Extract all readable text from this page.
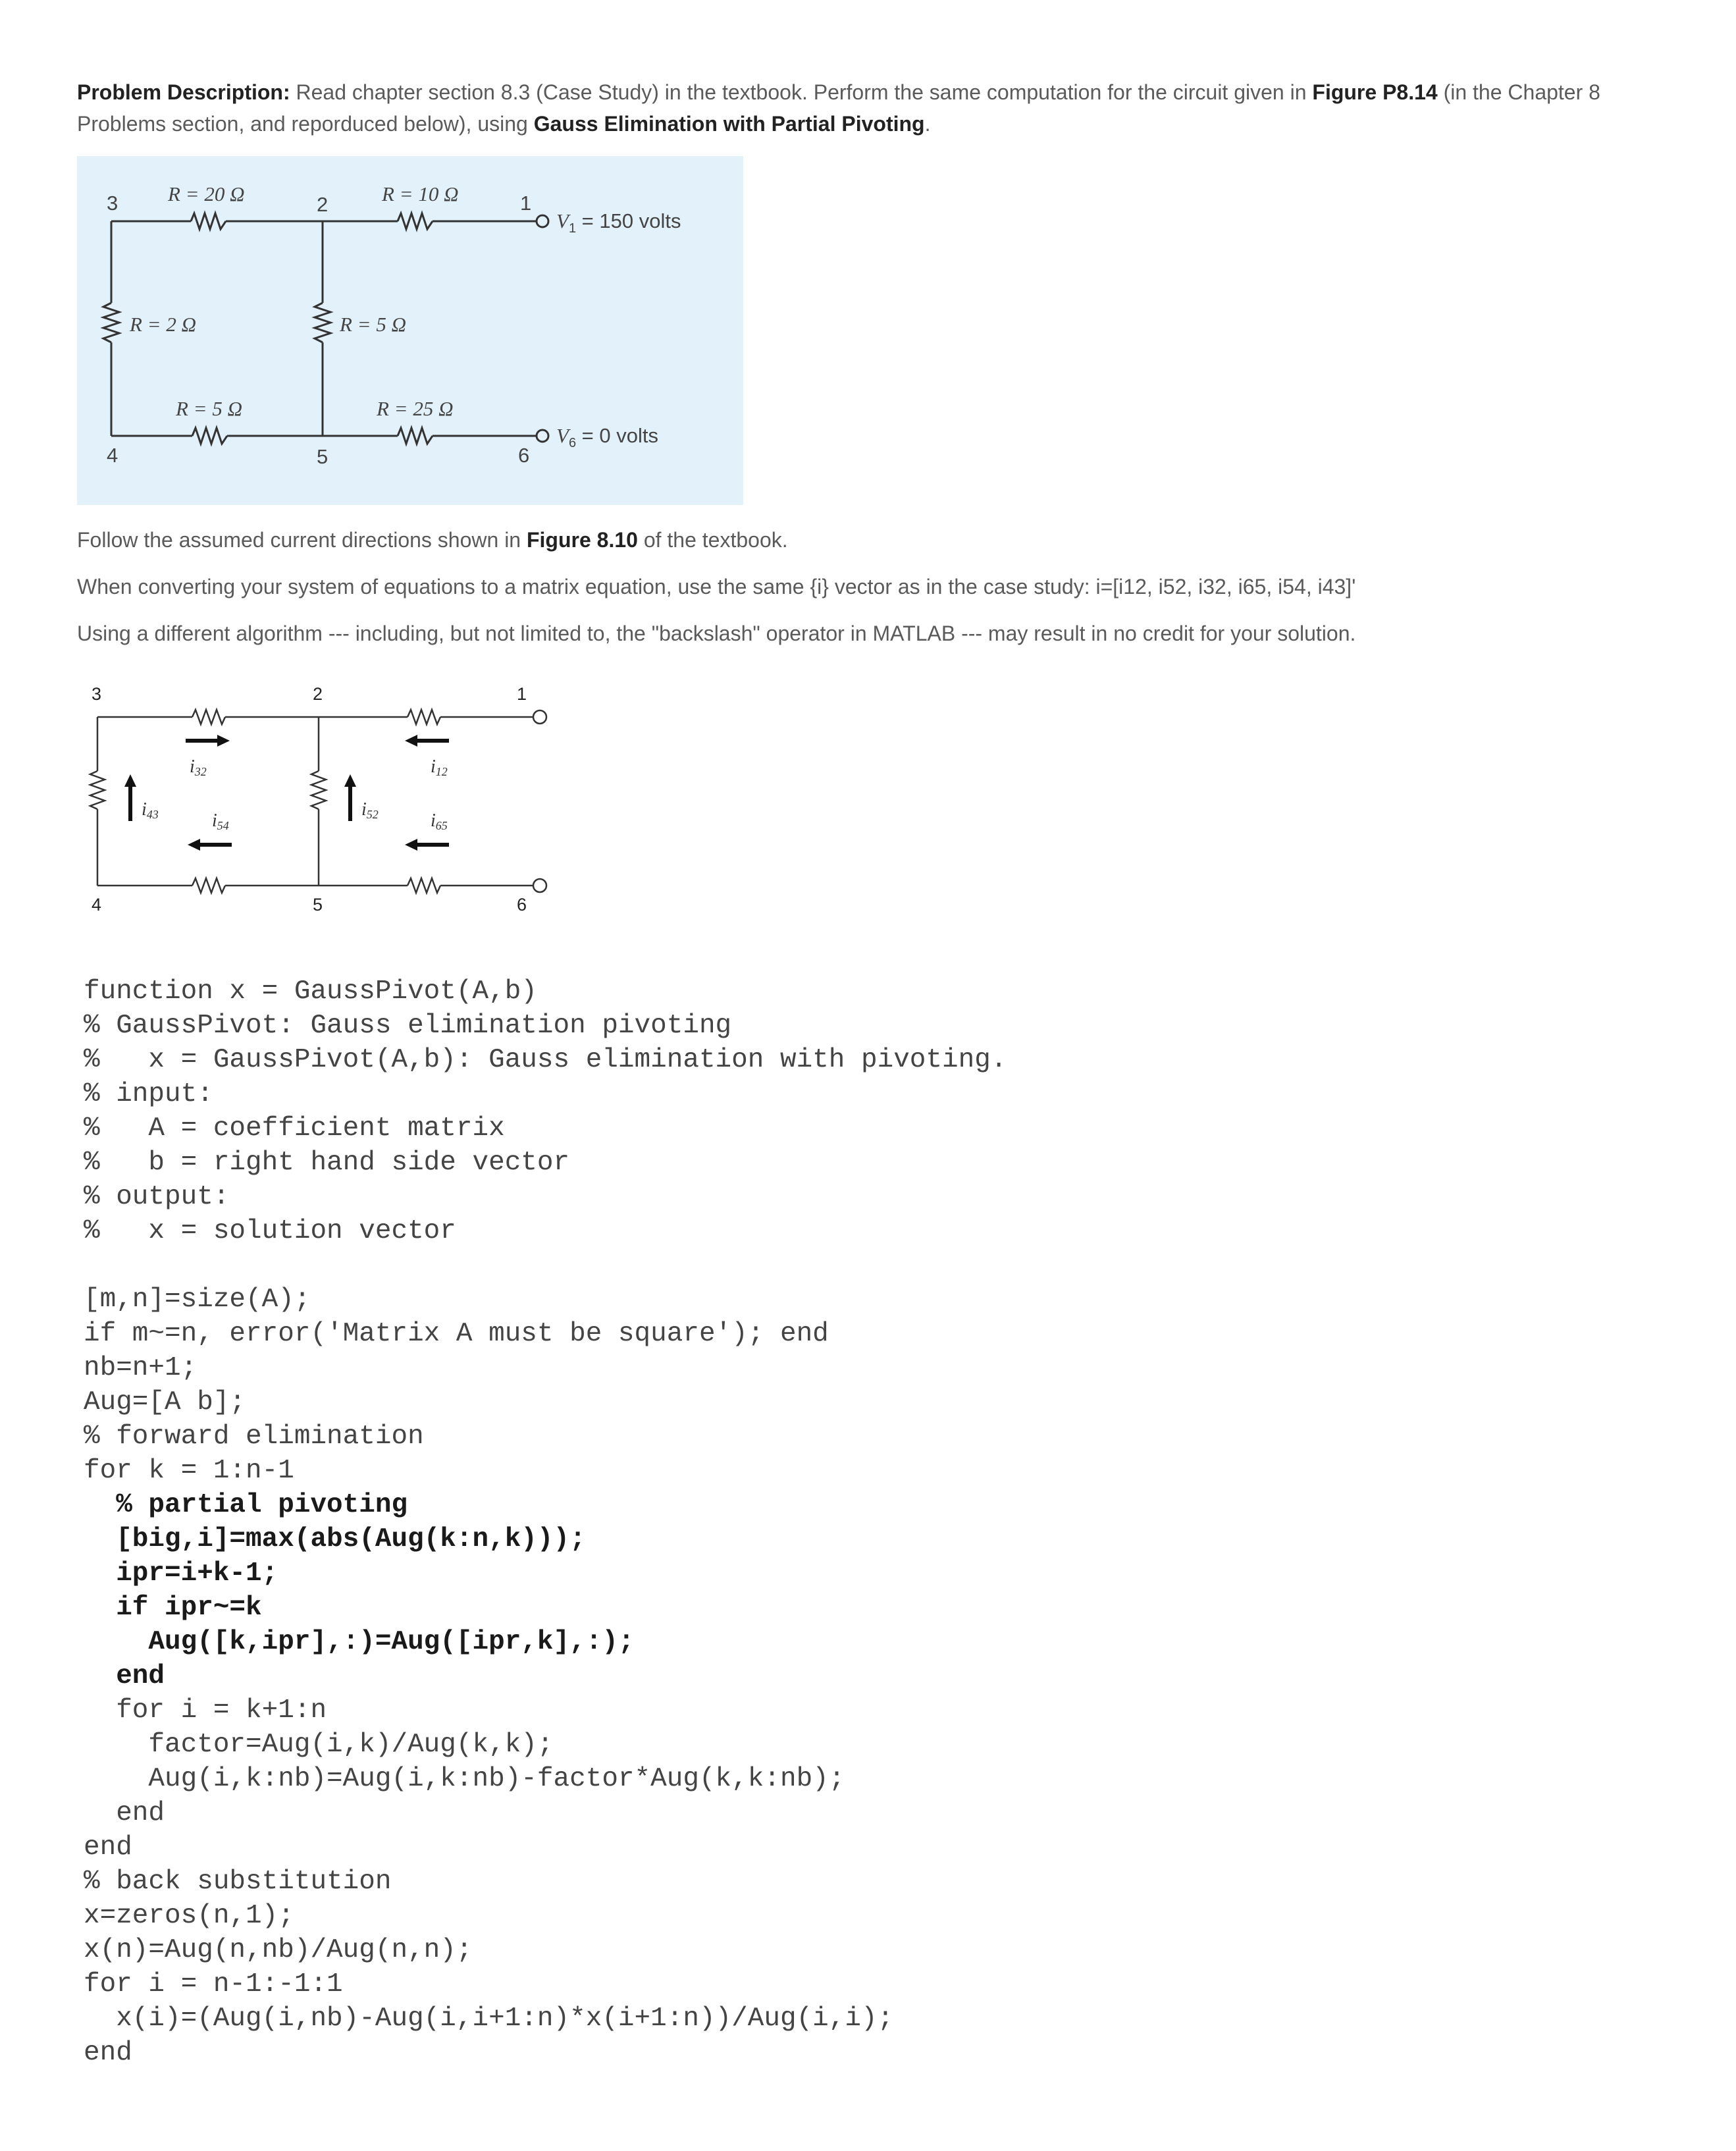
Problem Description: Read chapter section 8.3 (Case Study) in the textbook. Perform the same computation for the circuit given in Figure P8.14 (in the Chapter 8 Problems section, and reporduced below), using Gauss Elimination with Partial Pivoting.

3	2	1
4	5	6
R = 20 Ω	R = 10 Ω
R = 2 Ω	R = 5 Ω
R = 5 Ω	R = 25 Ω
$V_1 = 150$ volts
$V_6 = 0$ volts

Follow the assumed current directions shown in Figure 8.10 of the textbook.

When converting your system of equations to a matrix equation, use the same {i} vector as in the case study: i=[i12, i52, i32, i65, i54, i43]'

Using a different algorithm --- including, but not limited to, the "backslash" operator in MATLAB --- may result in no credit for your solution.

3	2	1
4	5	6
i32	i12
i43	i52
i54	i65
function x = GaussPivot(A,b)
% GaussPivot: Gauss elimination pivoting
%   x = GaussPivot(A,b): Gauss elimination with pivoting.
% input:
%   A = coefficient matrix
%   b = right hand side vector
% output:
%   x = solution vector
[m,n]=size(A);
if m~=n, error('Matrix A must be square'); end
nb=n+1;
Aug=[A b];
% forward elimination
for k = 1:n-1
% partial pivoting
[big,i]=max(abs(Aug(k:n,k)));
ipr=i+k-1;
if ipr~=k
Aug([k,ipr],:)=Aug([ipr,k],:);
end
for i = k+1:n
factor=Aug(i,k)/Aug(k,k);
Aug(i,k:nb)=Aug(i,k:nb)-factor*Aug(k,k:nb);
end
end
% back substitution
x=zeros(n,1);
x(n)=Aug(n,nb)/Aug(n,n);
for i = n-1:-1:1
x(i)=(Aug(i,nb)-Aug(i,i+1:n)*x(i+1:n))/Aug(i,i);
end
